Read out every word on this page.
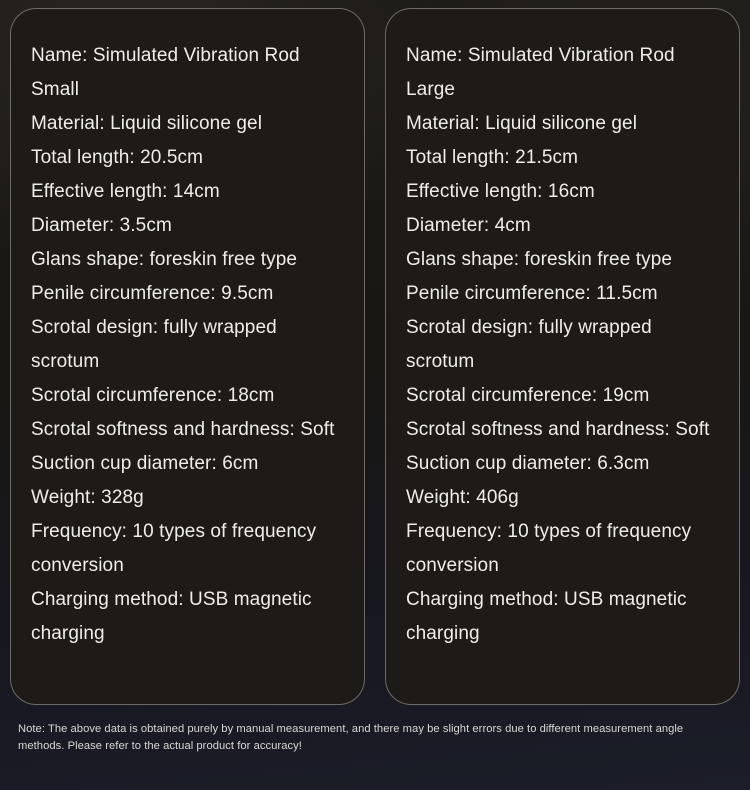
Name: Simulated Vibration Rod Small
Material: Liquid silicone gel
Total length: 20.5cm
Effective length: 14cm
Diameter: 3.5cm
Glans shape: foreskin free type
Penile circumference: 9.5cm
Scrotal design: fully wrapped scrotum
Scrotal circumference: 18cm
Scrotal softness and hardness: Soft
Suction cup diameter: 6cm
Weight: 328g
Frequency: 10 types of frequency conversion
Charging method: USB magnetic charging
Name: Simulated Vibration Rod Large
Material: Liquid silicone gel
Total length: 21.5cm
Effective length: 16cm
Diameter: 4cm
Glans shape: foreskin free type
Penile circumference: 11.5cm
Scrotal design: fully wrapped scrotum
Scrotal circumference: 19cm
Scrotal softness and hardness: Soft
Suction cup diameter: 6.3cm
Weight: 406g
Frequency: 10 types of frequency conversion
Charging method: USB magnetic charging
Note: The above data is obtained purely by manual measurement, and there may be slight errors due to different measurement angle methods. Please refer to the actual product for accuracy!
